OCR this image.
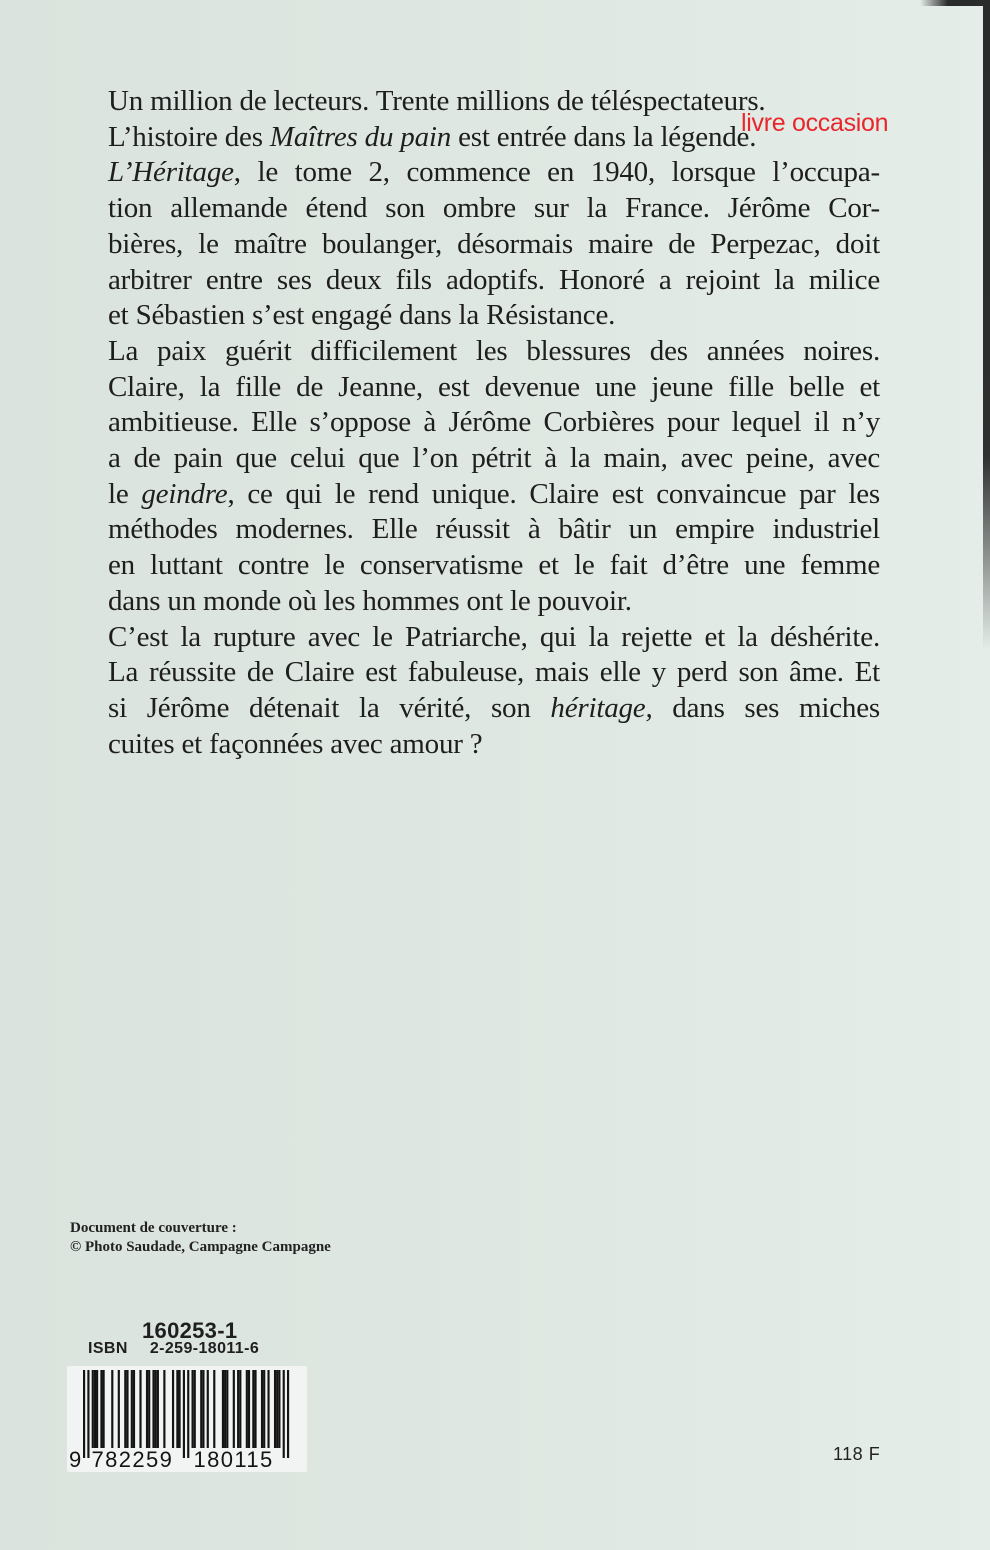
Un million de lecteurs. Trente millions de téléspectateurs.
L’histoire des Maîtres du pain est entrée dans la légende.
L’Héritage, le tome 2, commence en 1940, lorsque l’occupa-
tion allemande étend son ombre sur la France. Jérôme Cor-
bières, le maître boulanger, désormais maire de Perpezac, doit
arbitrer entre ses deux fils adoptifs. Honoré a rejoint la milice
et Sébastien s’est engagé dans la Résistance.
La paix guérit difficilement les blessures des années noires.
Claire, la fille de Jeanne, est devenue une jeune fille belle et
ambitieuse. Elle s’oppose à Jérôme Corbières pour lequel il n’y
a de pain que celui que l’on pétrit à la main, avec peine, avec
le geindre, ce qui le rend unique. Claire est convaincue par les
méthodes modernes. Elle réussit à bâtir un empire industriel
en luttant contre le conservatisme et le fait d’être une femme
dans un monde où les hommes ont le pouvoir.
C’est la rupture avec le Patriarche, qui la rejette et la déshérite.
La réussite de Claire est fabuleuse, mais elle y perd son âme. Et
si Jérôme détenait la vérité, son héritage, dans ses miches
cuites et façonnées avec amour ?
livre occasion
Document de couverture :
© Photo Saudade, Campagne Campagne
160253-1
ISBN 2-259-18011-6
9 782259 180115	118 F
